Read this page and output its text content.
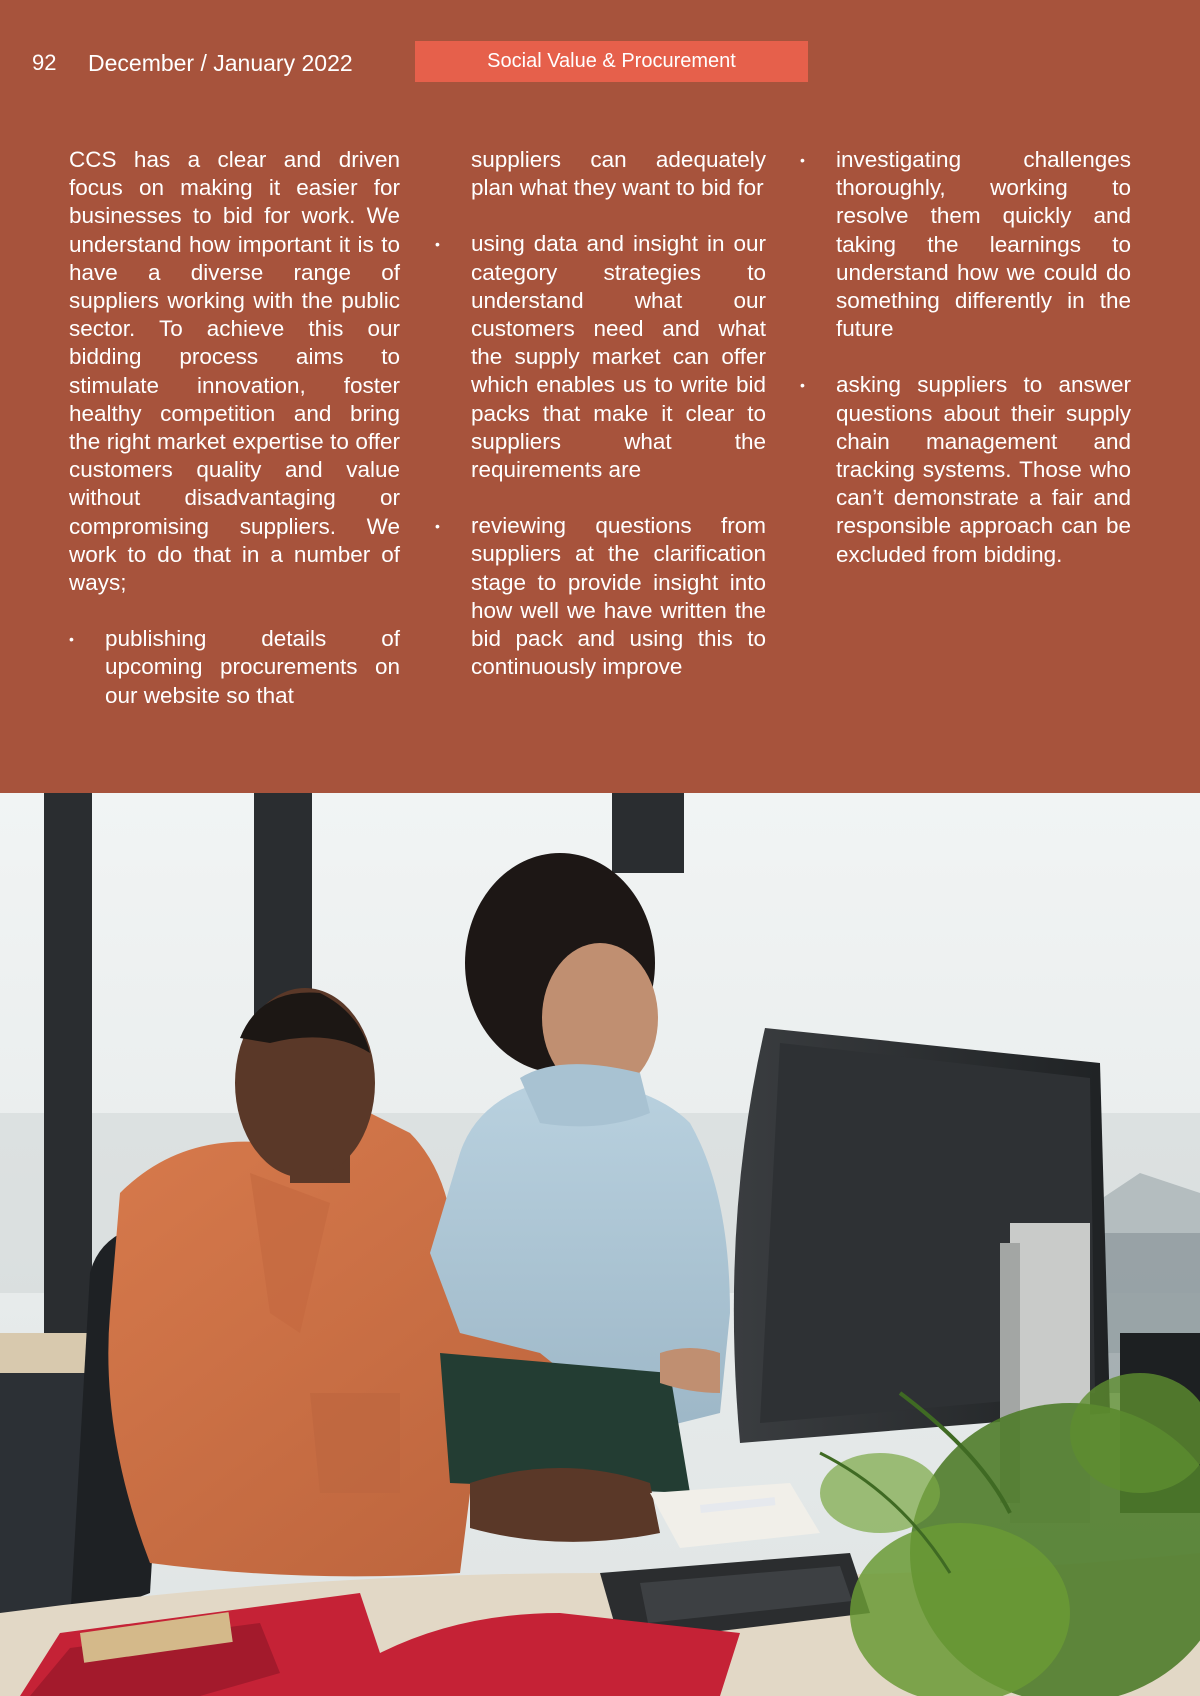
92 December / January 2022	Social Value & Procurement

CCS has a clear and driven focus on making it easier for businesses to bid for work. We understand how important it is to have a diverse range of suppliers working with the public sector. To achieve this our bidding process aims to stimulate innovation, foster healthy competition and bring the right market expertise to offer customers quality and value without disadvantaging or compromising suppliers. We work to do that in a number of ways;

• publishing details of upcoming procurements on our website so that
suppliers can adequately plan what they want to bid for
• using data and insight in our category strategies to understand what our customers need and what the supply market can offer which enables us to write bid packs that make it clear to suppliers what the requirements are
• reviewing questions from suppliers at the clarification stage to provide insight into how well we have written the bid pack and using this to continuously improve
• investigating challenges thoroughly, working to resolve them quickly and taking the learnings to understand how we could do something differently in the future
• asking suppliers to answer questions about their supply chain management and tracking systems. Those who can’t demonstrate a fair and responsible approach can be excluded from bidding.
